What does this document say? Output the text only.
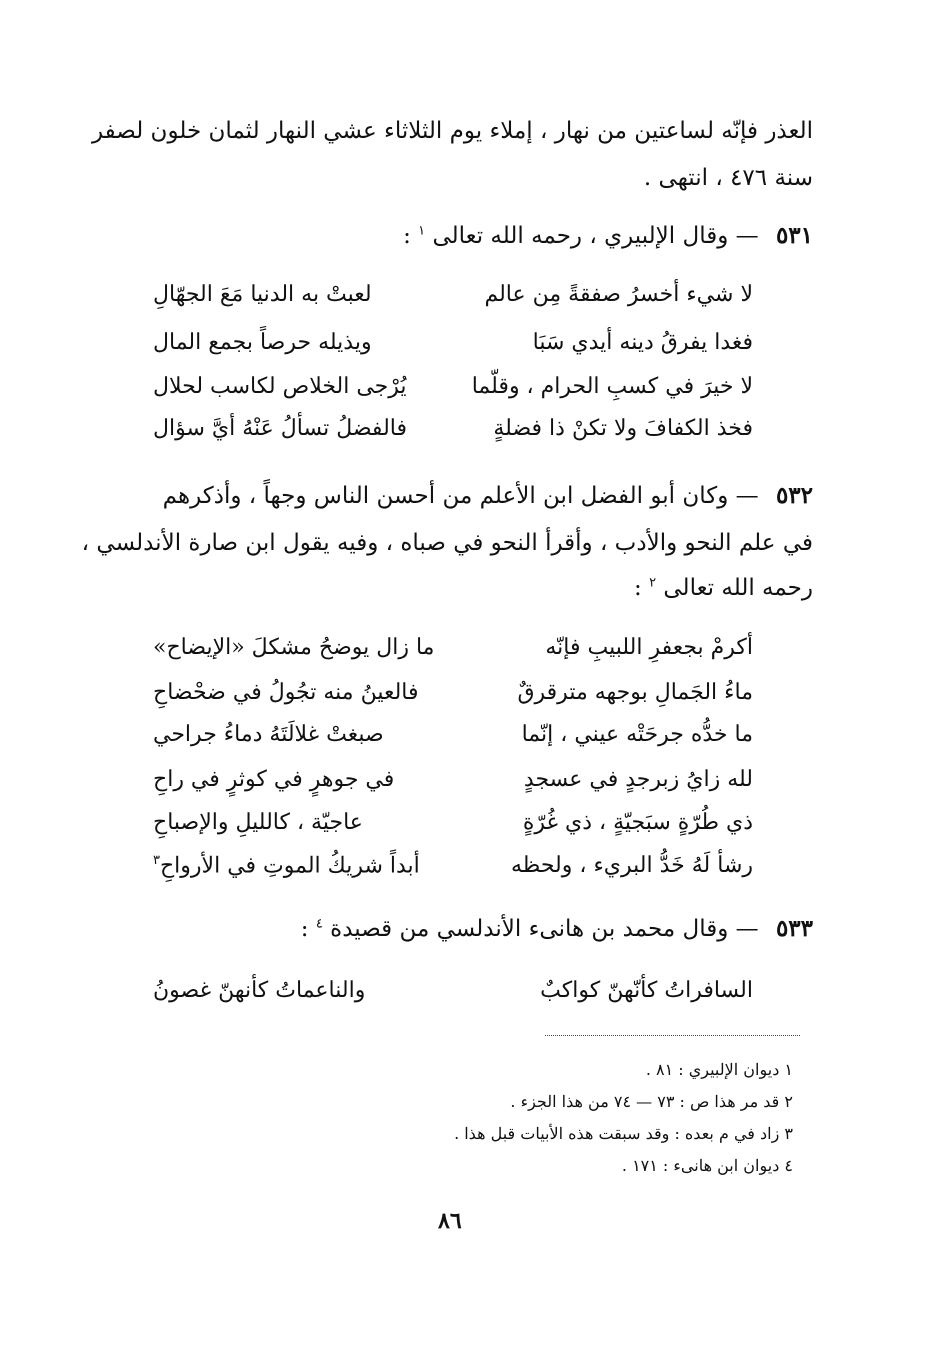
العذر فإنّه لساعتين من نهار ، إملاء يوم الثلاثاء عشي النهار لثمان خلون لصفر
سنة ٤٧٦ ، انتهى .
٥٣١ — وقال الإلبيري ، رحمه الله تعالى $^١$ :
لا شيء أخسرُ صفقةً مِن عالم
لعبتْ به الدنيا مَعَ الجهّالِ
فغدا يفرقُ دينه أيدي سَبَا
ويذيله حرصاً بجمع المال
لا خيرَ في كسبِ الحرام ، وقلّما
يُرْجى الخلاص لكاسب لحلال
فخذ الكفافَ ولا تكنْ ذا فضلةٍ
فالفضلُ تسألُ عَنْهُ أيَّ سؤال
٥٣٢ — وكان أبو الفضل ابن الأعلم من أحسن الناس وجهاً ، وأذكرهم
في علم النحو والأدب ، وأقرأ النحو في صباه ، وفيه يقول ابن صارة الأندلسي ،
رحمه الله تعالى $^٢$ :
أكرمْ بجعفرِ اللبيبِ فإنّه
ما زال يوضحُ مشكلَ «الإيضاح»
ماءُ الجَمالِ بوجهه مترقرقٌ
فالعينُ منه تجُولُ في ضحْضاحِ
ما خدُّه جرحَتْه عيني ، إنّما
صبغتْ غلالَتَهُ دماءُ جراحي
لله زايُ زبرجدٍ في عسجدٍ
في جوهرٍ في كوثرٍ في راحِ
ذي طُرّةٍ سبَجيّةٍ ، ذي غُرّةٍ
عاجيّة ، كالليلِ والإصباحِ
رشأ لَهُ خَدُّ البريء ، ولحظه
أبداً شريكُ الموتِ في الأرواحِ$^٣$
٥٣٣ — وقال محمد بن هانىء الأندلسي من قصيدة $^٤$ :
السافراتُ كأنّهنّ كواكبٌ
والناعماتُ كأنهنّ غصونُ
١ ديوان الإلبيري : ٨١ .
٢ قد مر هذا ص : ٧٣ — ٧٤ من هذا الجزء .
٣ زاد في م بعده : وقد سبقت هذه الأبيات قبل هذا .
٤ ديوان ابن هانىء : ١٧١ .
٨٦
